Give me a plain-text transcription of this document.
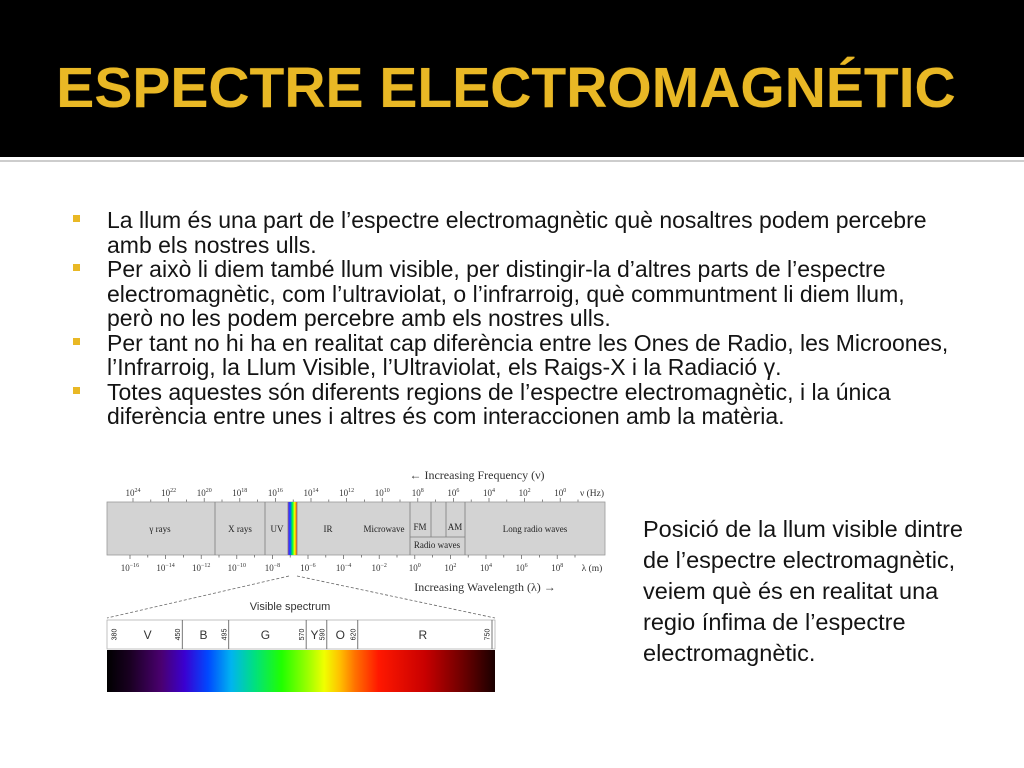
ESPECTRE ELECTROMAGNÉTIC
La llum és una part de l’espectre electromagnètic què nosaltres podem percebre
amb els nostres ulls.
Per això li diem també llum visible, per distingir-la d’altres parts de l’espectre
electromagnètic, com l’ultraviolat, o l’infrarroig, què communtment li diem llum,
però no les podem percebre amb els nostres ulls.
Per tant no hi ha en realitat cap diferència entre les Ones de Radio, les Microones,
l’Infrarroig, la Llum Visible, l’Ultraviolat, els Raigs-X i la Radiació γ.
Totes aquestes són diferents regions de l’espectre electromagnètic, i la única
diferència entre unes i altres és com interaccionen amb la matèria.
← Increasing Frequency (ν)
$10^{24}$ $10^{22}$ $10^{20}$ $10^{18}$ $10^{16}$ $10^{14}$ $10^{12}$ $10^{10}$ $10^8$	$10^6$	$10^4$	$10^2$	$10^0$ ν (Hz)
γ rays	X rays UV	IR	Microwave FM AM
Radio waves
Long radio waves
$10^{-16}$ $10^{-14}$ $10^{-12}$ $10^{-10}$ $10^{-8}$ $10^{-6}$ $10^{-4}$ $10^{-2}$ $10^0$	$10^2$	$10^4$	$10^6$	$10^8$ λ (m)
Increasing Wavelength (λ) →
Visible spectrum
380	450	495	570 590	620	750
V	B	G	Y O	R
Posició de la llum visible dintre
de l’espectre electromagnètic,
veiem què és en realitat una
regio ínfima de l’espectre
electromagnètic.
